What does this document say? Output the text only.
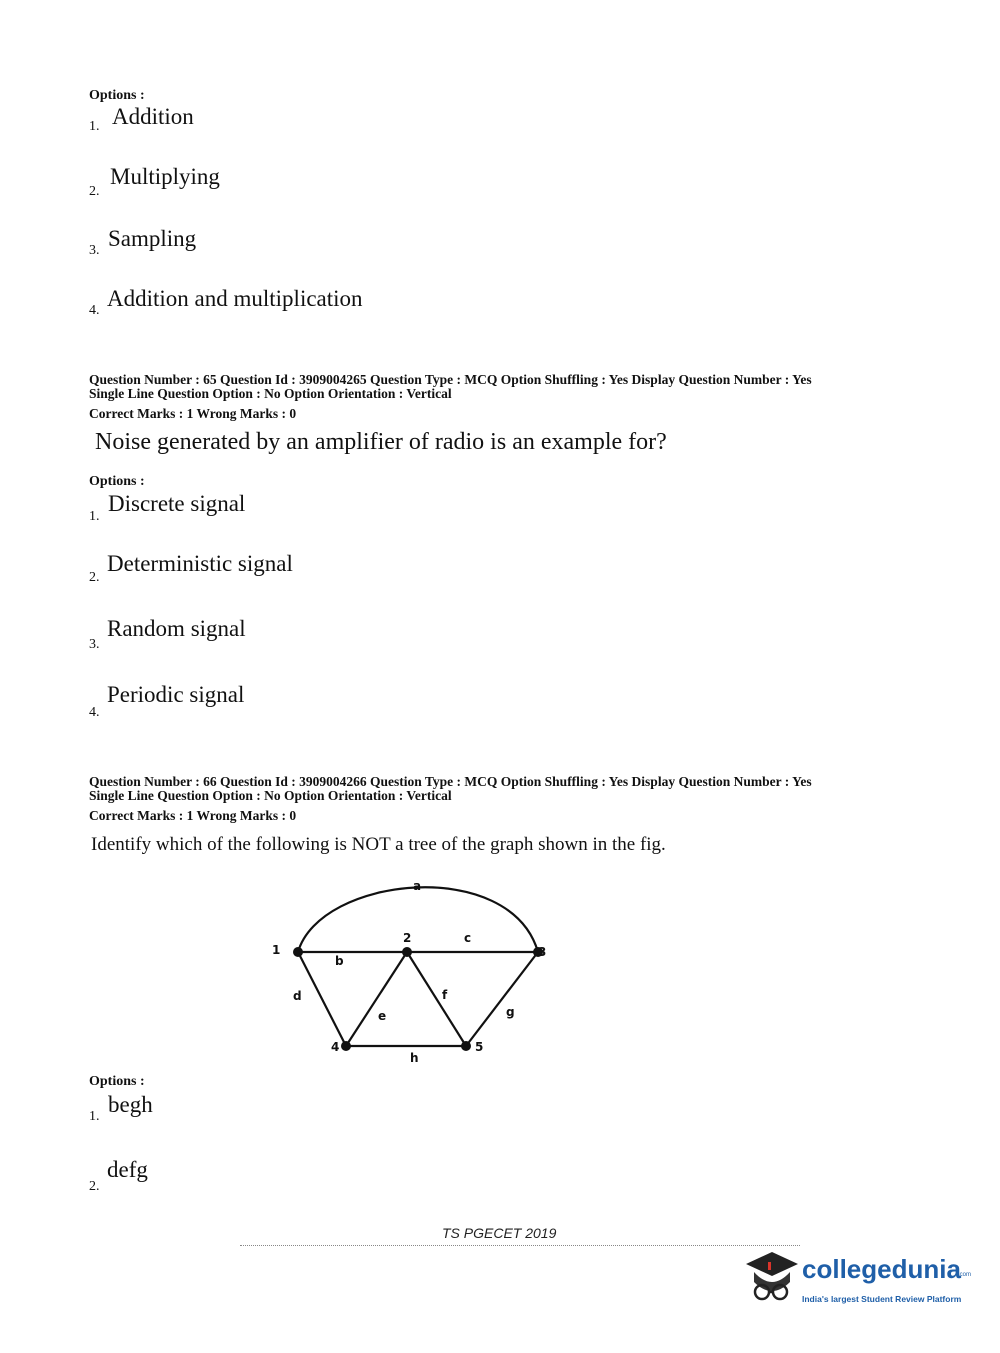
Options :
1. Addition
2.
Multiplying
3. Sampling
4. Addition and multiplication
Question Number : 65 Question Id : 3909004265 Question Type : MCQ Option Shuffling : Yes Display Question Number : Yes
Single Line Question Option : No Option Orientation : Vertical
Correct Marks : 1 Wrong Marks : 0
Noise generated by an amplifier of radio is an example for?
Options :
1.
Discrete signal
2.
Deterministic signal
3.
Random signal
4.
Periodic signal
Question Number : 66 Question Id : 3909004266 Question Type : MCQ Option Shuffling : Yes Display Question Number : Yes
Single Line Question Option : No Option Orientation : Vertical
Correct Marks : 1 Wrong Marks : 0
Identify which of the following is NOT a tree of the graph shown in the fig.
1
2
3
4	5
a
b
c
d
e
f
g
h
Options :
1. begh
2.
defg
TS PGECET 2019
collegedunia
.com
India's largest Student Review Platform
